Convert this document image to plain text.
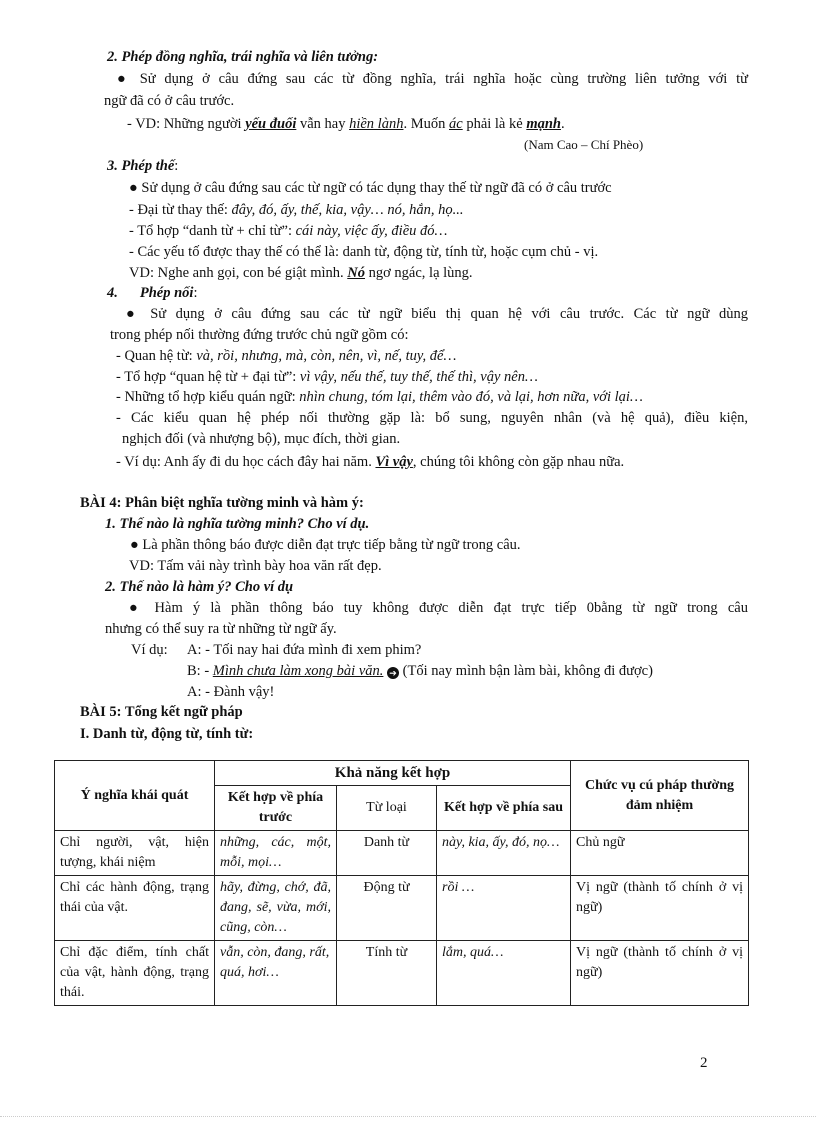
2. Phép đồng nghĩa, trái nghĩa và liên tưởng:
● Sử dụng ở câu đứng sau các từ đồng nghĩa, trái nghĩa hoặc cùng trường liên tưởng với từ
ngữ đã có ở câu trước.
- VD: Những người yếu đuối vẫn hay hiền lành. Muốn ác phải là kẻ mạnh.
(Nam Cao – Chí Phèo)
3. Phép thế:
● Sử dụng ở câu đứng sau các từ ngữ có tác dụng thay thế từ ngữ đã có ở câu trước
- Đại từ thay thế: đây, đó, ấy, thế, kia, vậy… nó, hắn, họ...
- Tổ hợp “danh từ + chỉ từ”: cái này, việc ấy, điều đó…
- Các yếu tố được thay thế có thể là: danh từ, động từ, tính từ, hoặc cụm chủ - vị.
VD: Nghe anh gọi, con bé giật mình. Nó ngơ ngác, lạ lùng.
4. Phép nối:
● Sử dụng ở câu đứng sau các từ ngữ biểu thị quan hệ với câu trước. Các từ ngữ dùng
trong phép nối thường đứng trước chủ ngữ gồm có:
- Quan hệ từ: và, rồi, nhưng, mà, còn, nên, vì, nế, tuy, để…
- Tổ hợp “quan hệ từ + đại từ”: vì vậy, nếu thế, tuy thế, thế thì, vậy nên…
- Những tổ hợp kiểu quán ngữ: nhìn chung, tóm lại, thêm vào đó, và lại, hơn nữa, với lại…
- Các kiểu quan hệ phép nối thường gặp là: bổ sung, nguyên nhân (và hệ quả), điều kiện,
nghịch đối (và nhượng bộ), mục đích, thời gian.
- Ví dụ: Anh ấy đi du học cách đây hai năm. Vì vậy, chúng tôi không còn gặp nhau nữa.
BÀI 4: Phân biệt nghĩa tường minh và hàm ý:
1. Thế nào là nghĩa tường minh? Cho ví dụ.
● Là phần thông báo được diễn đạt trực tiếp bằng từ ngữ trong câu.
VD: Tấm vải này trình bày hoa văn rất đẹp.
2. Thế nào là hàm ý? Cho ví dụ
● Hàm ý là phần thông báo tuy không được diễn đạt trực tiếp 0bằng từ ngữ trong câu
nhưng có thể suy ra từ những từ ngữ ấy.
Ví dụ: A: - Tối nay hai đứa mình đi xem phim?
B: - Mình chưa làm xong bài văn. ➔ (Tối nay mình bận làm bài, không đi được)
A: - Đành vậy!
BÀI 5: Tổng kết ngữ pháp
I. Danh từ, động từ, tính từ:
Ý nghĩa khái quát	Khả năng kết hợp			Chức vụ cú pháp thường đảm nhiệm
	Kết hợp về phía trước	Từ loại	Kết hợp về phía sau	
Chỉ người, vật, hiện tượng, khái niệm	những, các, một, mỗi, mọi…	Danh từ	này, kia, ấy, đó, nọ…	Chủ ngữ
Chỉ các hành động, trạng thái của vật.	hãy, đừng, chớ, đã, đang, sẽ, vừa, mới, cũng, còn…	Động từ	rồi …	Vị ngữ (thành tố chính ở vị ngữ)
Chỉ đặc điểm, tính chất của vật, hành động, trạng thái.	vẫn, còn, đang, rất, quá, hơi…	Tính từ	lắm, quá…	Vị ngữ (thành tố chính ở vị ngữ)
2
